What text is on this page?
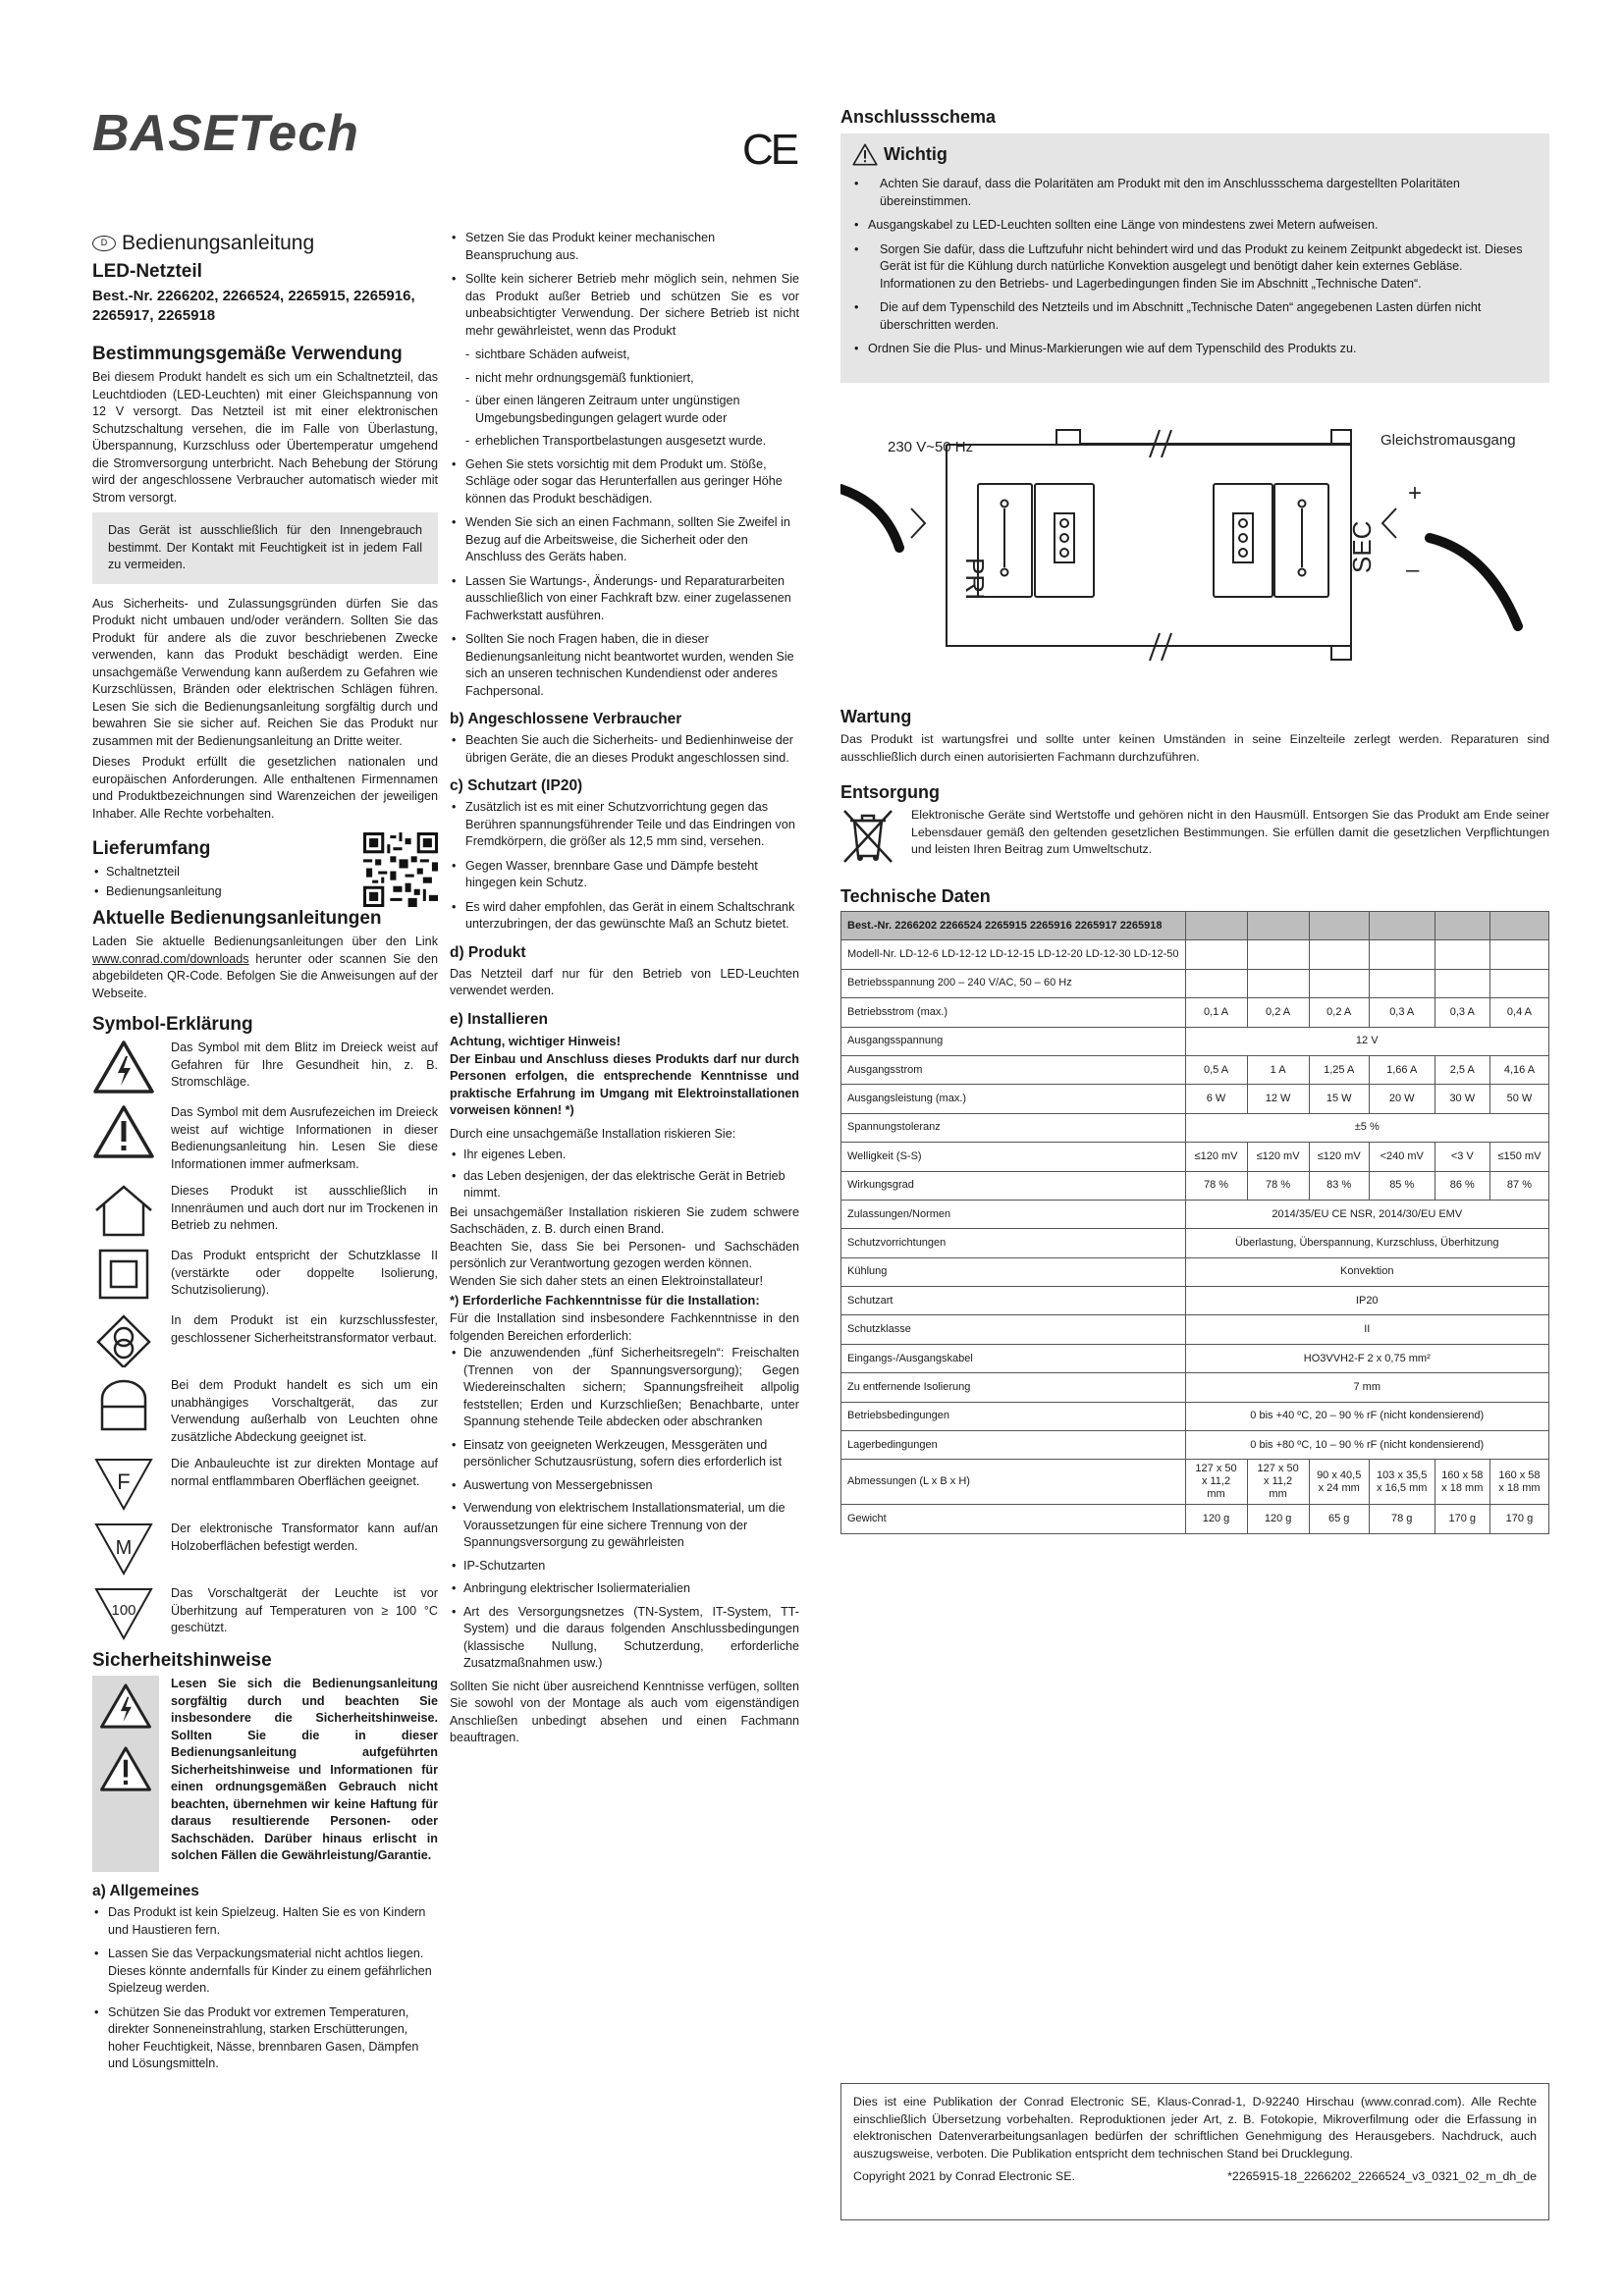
BASETech
D Bedienungsanleitung
LED-Netzteil
Best.-Nr. 2266202, 2266524, 2265915, 2265916, 2265917, 2265918
Bestimmungsgemäße Verwendung

Bei diesem Produkt handelt es sich um ein Schaltnetzteil, das Leuchtdioden (LED-Leuchten) mit einer Gleichspannung von 12 V versorgt. Das Netzteil ist mit einer elektronischen Schutzschaltung versehen, die im Falle von Überlastung, Überspannung, Kurzschluss oder Übertemperatur umgehend die Stromversorgung unterbricht. Nach Behebung der Störung wird der angeschlossene Verbraucher automatisch wieder mit Strom versorgt.

Das Gerät ist ausschließlich für den Innengebrauch bestimmt. Der Kontakt mit Feuchtigkeit ist in jedem Fall zu vermeiden.

Aus Sicherheits- und Zulassungsgründen dürfen Sie das Produkt nicht umbauen und/oder verändern. Sollten Sie das Produkt für andere als die zuvor beschriebenen Zwecke verwenden, kann das Produkt beschädigt werden. Eine unsachgemäße Verwendung kann außerdem zu Gefahren wie Kurzschlüssen, Bränden oder elektrischen Schlägen führen. Lesen Sie sich die Bedienungsanleitung sorgfältig durch und bewahren Sie sie sicher auf. Reichen Sie das Produkt nur zusammen mit der Bedienungsanleitung an Dritte weiter.

Dieses Produkt erfüllt die gesetzlichen nationalen und europäischen Anforderungen. Alle enthaltenen Firmennamen und Produktbezeichnungen sind Warenzeichen der jeweiligen Inhaber. Alle Rechte vorbehalten.

Lieferumfang
• Schaltnetzteil
• Bedienungsanleitung
Aktuelle Bedienungsanleitungen

Laden Sie aktuelle Bedienungsanleitungen über den Link www.conrad.com/downloads herunter oder scannen Sie den abgebildeten QR-Code. Befolgen Sie die Anweisungen auf der Webseite.

Symbol-Erklärung

Das Symbol mit dem Blitz im Dreieck weist auf Gefahren für Ihre Gesundheit hin, z. B. Stromschläge.

Das Symbol mit dem Ausrufezeichen im Dreieck weist auf wichtige Informationen in dieser Bedienungsanleitung hin. Lesen Sie diese Informationen immer aufmerksam.

Dieses Produkt ist ausschließlich in Innenräumen und auch dort nur im Trockenen in Betrieb zu nehmen.

Das Produkt entspricht der Schutzklasse II (verstärkte oder doppelte Isolierung, Schutzisolierung).

In dem Produkt ist ein kurzschlussfester, geschlossener Sicherheitstransformator verbaut.

Bei dem Produkt handelt es sich um ein unabhängiges Vorschaltgerät, das zur Verwendung außerhalb von Leuchten ohne zusätzliche Abdeckung geeignet ist.

F

Die Anbauleuchte ist zur direkten Montage auf normal entflammbaren Oberflächen geeignet.

M

Der elektronische Transformator kann auf/an Holzoberflächen befestigt werden.

100

Das Vorschaltgerät der Leuchte ist vor Überhitzung auf Temperaturen von ≥ 100 °C geschützt.

Sicherheitshinweise

Lesen Sie sich die Bedienungsanleitung sorgfältig durch und beachten Sie insbesondere die Sicherheitshinweise. Sollten Sie die in dieser Bedienungsanleitung aufgeführten Sicherheitshinweise und Informationen für einen ordnungsgemäßen Gebrauch nicht beachten, übernehmen wir keine Haftung für daraus resultierende Personen- oder Sachschäden. Darüber hinaus erlischt in solchen Fällen die Gewährleistung/Garantie.

a) Allgemeines
• Das Produkt ist kein Spielzeug. Halten Sie es von Kindern und Haustieren fern.
• Lassen Sie das Verpackungsmaterial nicht achtlos liegen. Dieses könnte andernfalls für Kinder zu einem gefährlichen Spielzeug werden.
• Schützen Sie das Produkt vor extremen Temperaturen, direkter Sonneneinstrahlung, starken Erschütterungen, hoher Feuchtigkeit, Nässe, brennbaren Gasen, Dämpfen und Lösungsmitteln.
• Setzen Sie das Produkt keiner mechanischen Beanspruchung aus.
• Sollte kein sicherer Betrieb mehr möglich sein, nehmen Sie das Produkt außer Betrieb und schützen Sie es vor unbeabsichtigter Verwendung. Der sichere Betrieb ist nicht mehr gewährleistet, wenn das Produkt
- sichtbare Schäden aufweist,
- nicht mehr ordnungsgemäß funktioniert,
- über einen längeren Zeitraum unter ungünstigen Umgebungsbedingungen gelagert wurde oder
- erheblichen Transportbelastungen ausgesetzt wurde.
• Gehen Sie stets vorsichtig mit dem Produkt um. Stöße, Schläge oder sogar das Herunterfallen aus geringer Höhe können das Produkt beschädigen.
• Wenden Sie sich an einen Fachmann, sollten Sie Zweifel in Bezug auf die Arbeitsweise, die Sicherheit oder den Anschluss des Geräts haben.
• Lassen Sie Wartungs-, Änderungs- und Reparaturarbeiten ausschließlich von einer Fachkraft bzw. einer zugelassenen Fachwerkstatt ausführen.
• Sollten Sie noch Fragen haben, die in dieser Bedienungsanleitung nicht beantwortet wurden, wenden Sie sich an unseren technischen Kundendienst oder anderes Fachpersonal.
b) Angeschlossene Verbraucher
• Beachten Sie auch die Sicherheits- und Bedienhinweise der übrigen Geräte, die an dieses Produkt angeschlossen sind.
c) Schutzart (IP20)
• Zusätzlich ist es mit einer Schutzvorrichtung gegen das Berühren spannungsführender Teile und das Eindringen von Fremdkörpern, die größer als 12,5 mm sind, versehen.
• Gegen Wasser, brennbare Gase und Dämpfe besteht hingegen kein Schutz.
• Es wird daher empfohlen, das Gerät in einem Schaltschrank unterzubringen, der das gewünschte Maß an Schutz bietet.
d) Produkt

Das Netzteil darf nur für den Betrieb von LED-Leuchten verwendet werden.

e) Installieren
Achtung, wichtiger Hinweis!

Der Einbau und Anschluss dieses Produkts darf nur durch Personen erfolgen, die entsprechende Kenntnisse und praktische Erfahrung im Umgang mit Elektroinstallationen vorweisen können! *)

Durch eine unsachgemäße Installation riskieren Sie:

• Ihr eigenes Leben.
• das Leben desjenigen, der das elektrische Gerät in Betrieb nimmt.

Bei unsachgemäßer Installation riskieren Sie zudem schwere Sachschäden, z. B. durch einen Brand.

Beachten Sie, dass Sie bei Personen- und Sachschäden persönlich zur Verantwortung gezogen werden können.

Wenden Sie sich daher stets an einen Elektroinstallateur!

*) Erforderliche Fachkenntnisse für die Installation:

Für die Installation sind insbesondere Fachkenntnisse in den folgenden Bereichen erforderlich:

• Die anzuwendenden „fünf Sicherheitsregeln“: Freischalten (Trennen von der Spannungsversorgung); Gegen Wiedereinschalten sichern; Spannungsfreiheit allpolig feststellen; Erden und Kurzschließen; Benachbarte, unter Spannung stehende Teile abdecken oder abschranken
• Einsatz von geeigneten Werkzeugen, Messgeräten und persönlicher Schutzausrüstung, sofern dies erforderlich ist
• Auswertung von Messergebnissen
• Verwendung von elektrischem Installationsmaterial, um die Voraussetzungen für eine sichere Trennung von der Spannungsversorgung zu gewährleisten
• IP-Schutzarten
• Anbringung elektrischer Isoliermaterialien
• Art des Versorgungsnetzes (TN-System, IT-System, TT-System) und die daraus folgenden Anschlussbedingungen (klassische Nullung, Schutzerdung, erforderliche Zusatzmaßnahmen usw.)

Sollten Sie nicht über ausreichend Kenntnisse verfügen, sollten Sie sowohl von der Montage als auch vom eigenständigen Anschließen unbedingt absehen und einen Fachmann beauftragen.

CE
Anschlussschema
Wichtig
• Achten Sie darauf, dass die Polaritäten am Produkt mit den im Anschlussschema dargestellten Polaritäten übereinstimmen.
• Ausgangskabel zu LED-Leuchten sollten eine Länge von mindestens zwei Metern aufweisen.
• Sorgen Sie dafür, dass die Luftzufuhr nicht behindert wird und das Produkt zu keinem Zeitpunkt abgedeckt ist. Dieses Gerät ist für die Kühlung durch natürliche Konvektion ausgelegt und benötigt daher kein externes Gebläse. Informationen zu den Betriebs- und Lagerbedingungen finden Sie im Abschnitt „Technische Daten“.
• Die auf dem Typenschild des Netzteils und im Abschnitt „Technische Daten“ angegebenen Lasten dürfen nicht überschritten werden.
• Ordnen Sie die Plus- und Minus-Markierungen wie auf dem Typenschild des Produkts zu.
230 V~50 Hz	Gleichstromausgang
PRI
SEC
+
–
Wartung

Das Produkt ist wartungsfrei und sollte unter keinen Umständen in seine Einzelteile zerlegt werden. Reparaturen sind ausschließlich durch einen autorisierten Fachmann durchzuführen.

Entsorgung

Elektronische Geräte sind Wertstoffe und gehören nicht in den Hausmüll. Entsorgen Sie das Produkt am Ende seiner Lebensdauer gemäß den geltenden gesetzlichen Bestimmungen. Sie erfüllen damit die gesetzlichen Verpflichtungen und leisten Ihren Beitrag zum Umweltschutz.

Technische Daten
Best.-Nr. 2266202 2266524 2265915 2265916 2265917 2265918						
Modell-Nr. LD-12-6 LD-12-12 LD-12-15 LD-12-20 LD-12-30 LD-12-50						
Betriebsspannung 200 – 240 V/AC, 50 – 60 Hz						
Betriebsstrom (max.)	0,1 A	0,2 A	0,2 A	0,3 A	0,3 A	0,4 A
Ausgangsspannung	12 V					
Ausgangsstrom	0,5 A	1 A	1,25 A	1,66 A	2,5 A	4,16 A
Ausgangsleistung (max.)	6 W	12 W	15 W	20 W	30 W	50 W
Spannungstoleranz	±5 %					
Welligkeit (S-S)	≤120 mV	≤120 mV	≤120 mV	<240 mV	<3 V	≤150 mV
Wirkungsgrad	78 %	78 %	83 %	85 %	86 %	87 %
Zulassungen/Normen	2014/35/EU CE NSR, 2014/30/EU EMV					
Schutzvorrichtungen	Überlastung, Überspannung, Kurzschluss, Überhitzung					
Kühlung	Konvektion					
Schutzart	IP20					
Schutzklasse	II					
Eingangs-/Ausgangskabel	HO3VVH2-F 2 x 0,75 mm²					
Zu entfernende Isolierung	7 mm					
Betriebsbedingungen	0 bis +40 ºC, 20 – 90 % rF (nicht kondensierend)					
Lagerbedingungen	0 bis +80 ºC, 10 – 90 % rF (nicht kondensierend)					
Abmessungen (L x B x H)	127 x 50 x 11,2 mm	127 x 50 x 11,2 mm	90 x 40,5 x 24 mm	103 x 35,5 x 16,5 mm	160 x 58 x 18 mm	160 x 58 x 18 mm
Gewicht	120 g	120 g	65 g	78 g	170 g	170 g

Dies ist eine Publikation der Conrad Electronic SE, Klaus-Conrad-1, D-92240 Hirschau (www.conrad.com). Alle Rechte einschließlich Übersetzung vorbehalten. Reproduktionen jeder Art, z. B. Fotokopie, Mikroverfilmung oder die Erfassung in elektronischen Datenverarbeitungsanlagen bedürfen der schriftlichen Genehmigung des Herausgebers. Nachdruck, auch auszugsweise, verboten. Die Publikation entspricht dem technischen Stand bei Drucklegung.

Copyright 2021 by Conrad Electronic SE.	*2265915-18_2266202_2266524_v3_0321_02_m_dh_de
